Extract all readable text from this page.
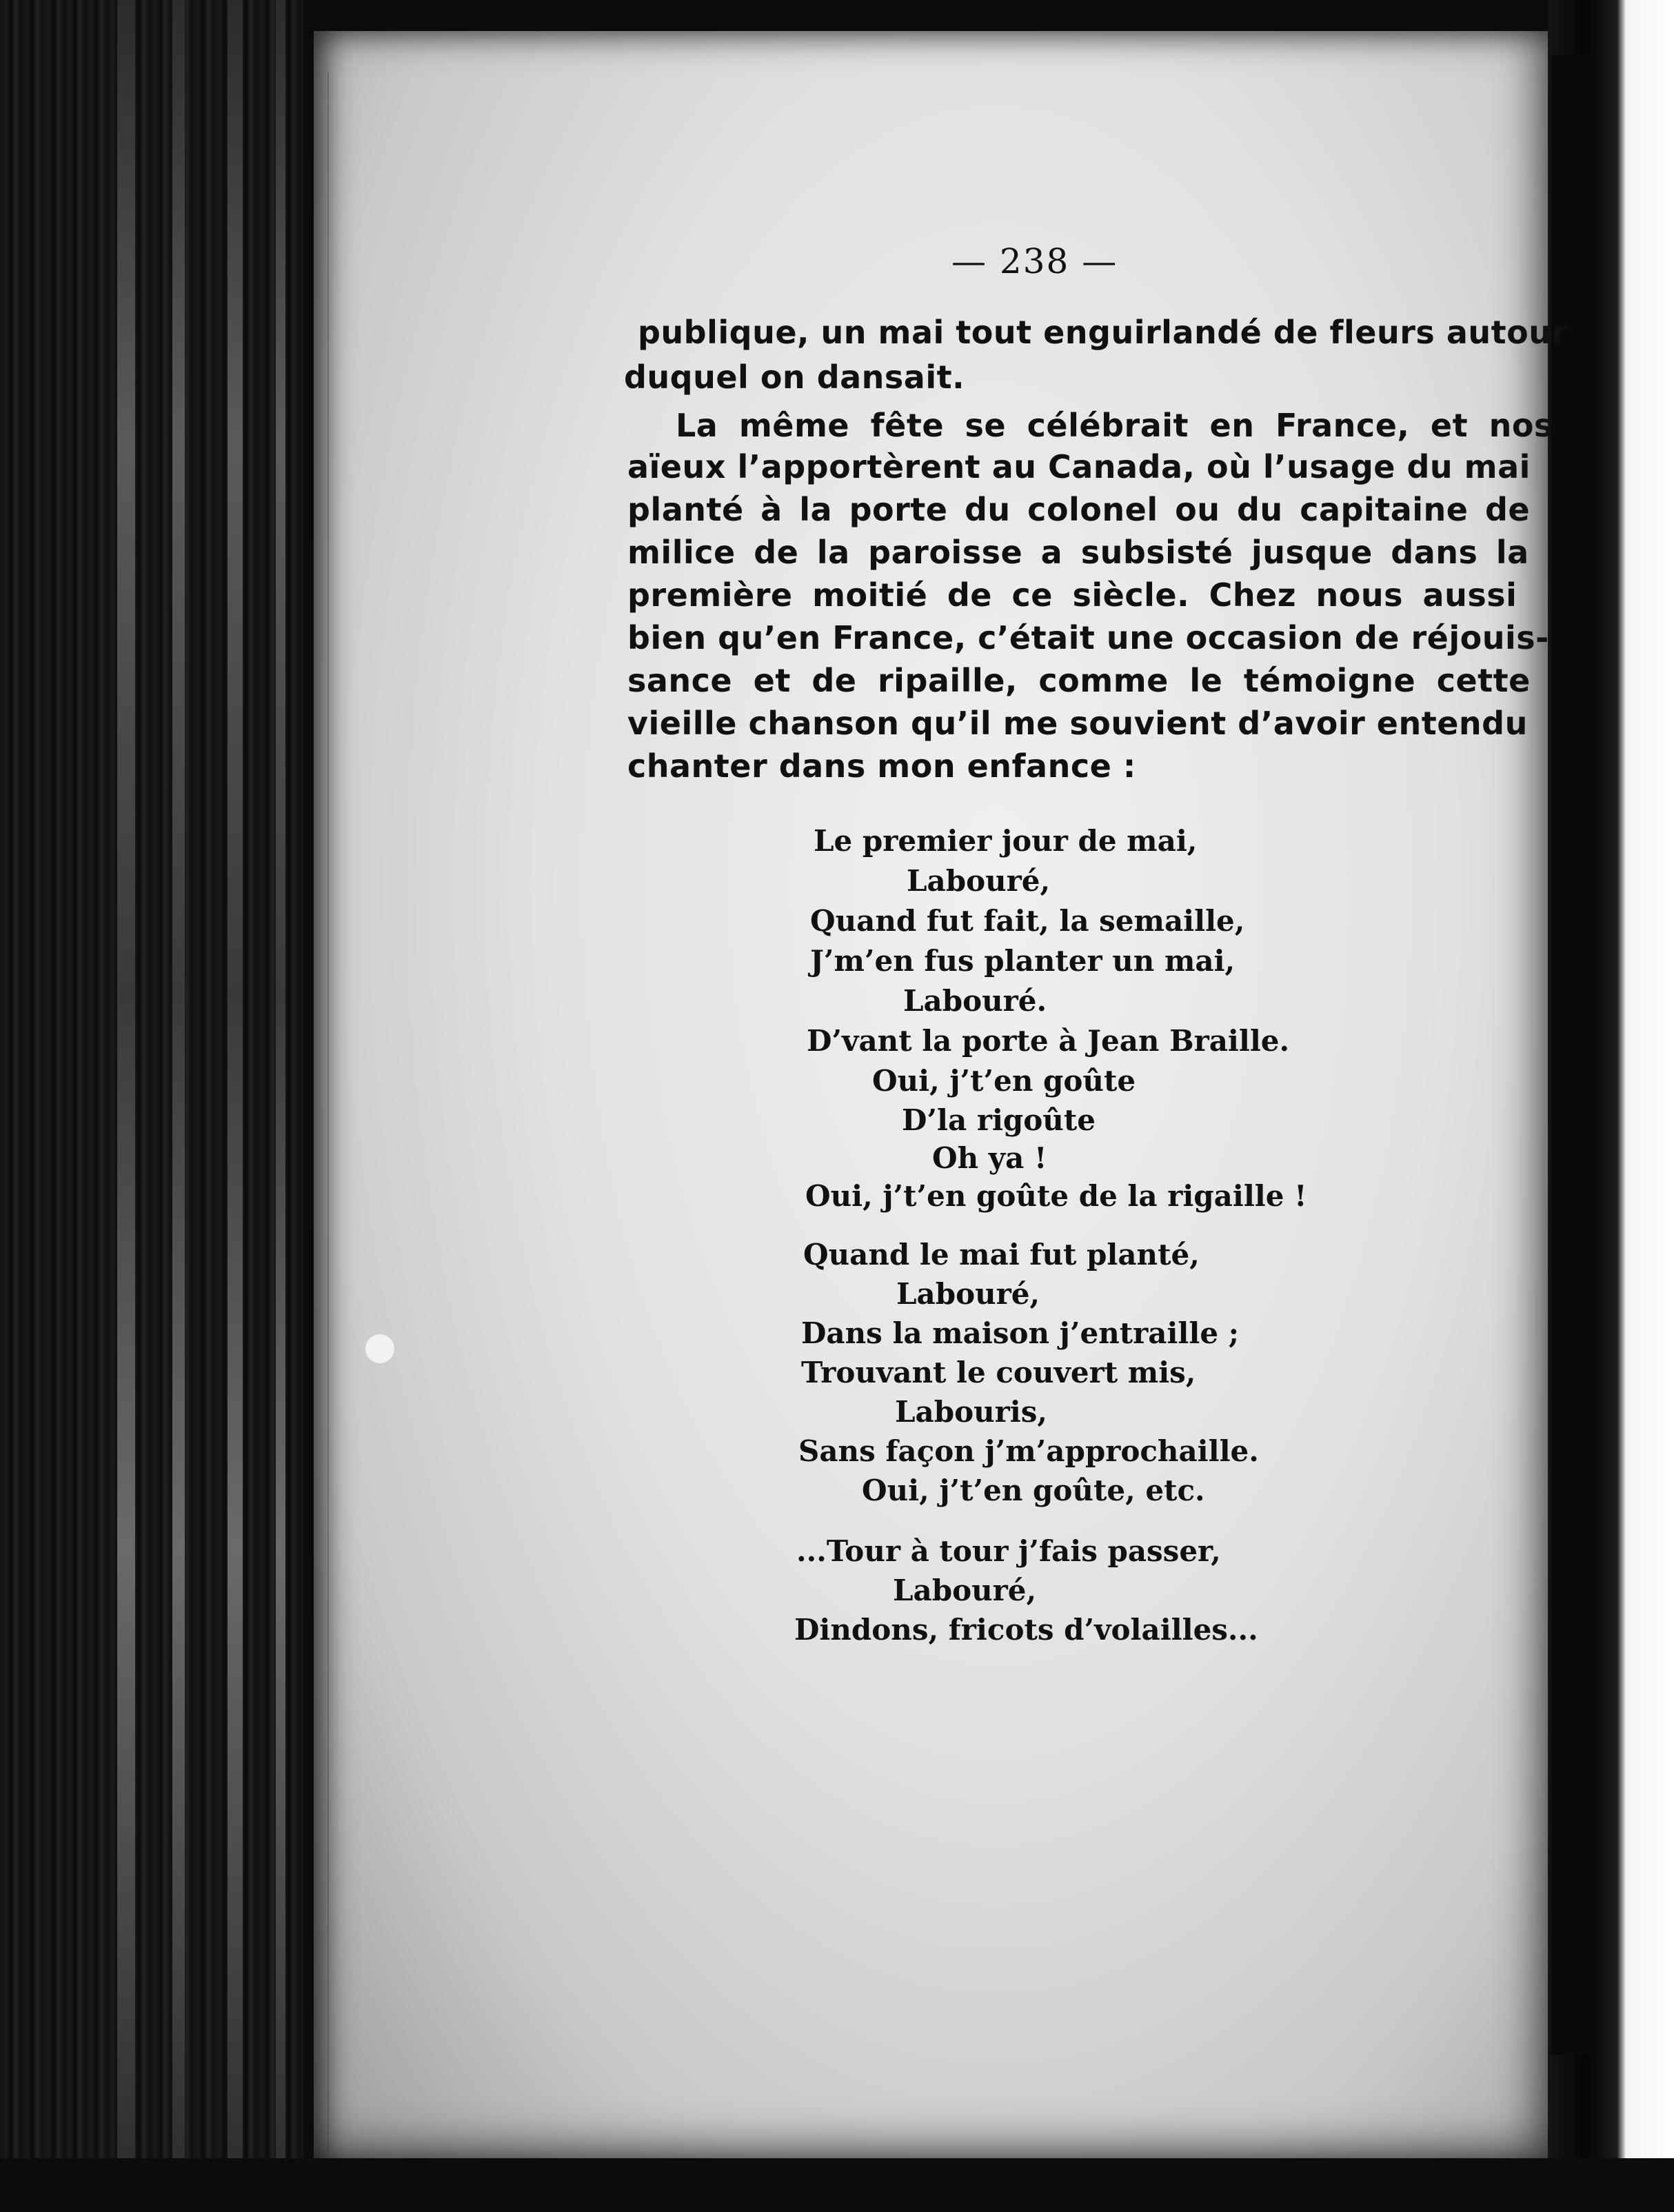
— 238 —
publique, un mai tout enguirlandé de fleurs autour
duquel on dansait.
La même fête se célébrait en France, et nos
aïeux l’apportèrent au Canada, où l’usage du mai
planté à la porte du colonel ou du capitaine de
milice de la paroisse a subsisté jusque dans la
première moitié de ce siècle. Chez nous aussi
bien qu’en France, c’était une occasion de réjouis-
sance et de ripaille, comme le témoigne cette
vieille chanson qu’il me souvient d’avoir entendu
chanter dans mon enfance :
Le premier jour de mai,
Labouré,
Quand fut fait, la semaille,
J’m’en fus planter un mai,
Labouré.
D’vant la porte à Jean Braille.
Oui, j’t’en goûte
D’la rigoûte
Oh ya !
Oui, j’t’en goûte de la rigaille !
Quand le mai fut planté,
Labouré,
Dans la maison j’entraille ;
Trouvant le couvert mis,
Labouris,
Sans façon j’m’approchaille.
Oui, j’t’en goûte, etc.
...Tour à tour j’fais passer,
Labouré,
Dindons, fricots d’volailles...
